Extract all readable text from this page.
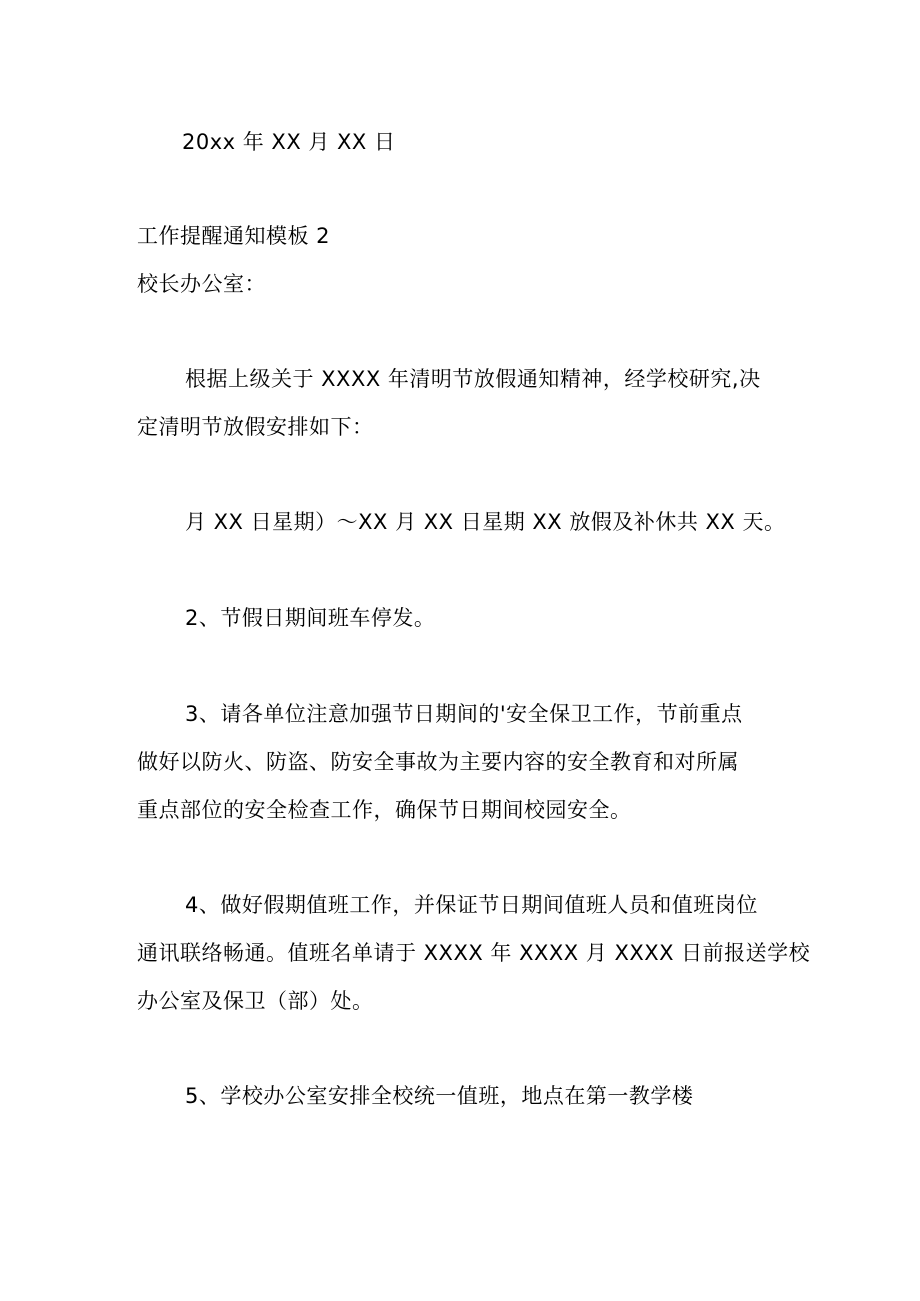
20xx 年 XX 月 XX 日
工作提醒通知模板 2
校长办公室：
根据上级关于 XXXX 年清明节放假通知精神，经学校研究,决
定清明节放假安排如下：
月 XX 日星期）～XX 月 XX 日星期 XX 放假及补休共 XX 天。
2、节假日期间班车停发。
3、请各单位注意加强节日期间的'安全保卫工作，节前重点
做好以防火、防盗、防安全事故为主要内容的安全教育和对所属
重点部位的安全检查工作，确保节日期间校园安全。
4、做好假期值班工作，并保证节日期间值班人员和值班岗位
通讯联络畅通。值班名单请于 XXXX 年 XXXX 月 XXXX 日前报送学校
办公室及保卫（部）处。
5、学校办公室安排全校统一值班，地点在第一教学楼
